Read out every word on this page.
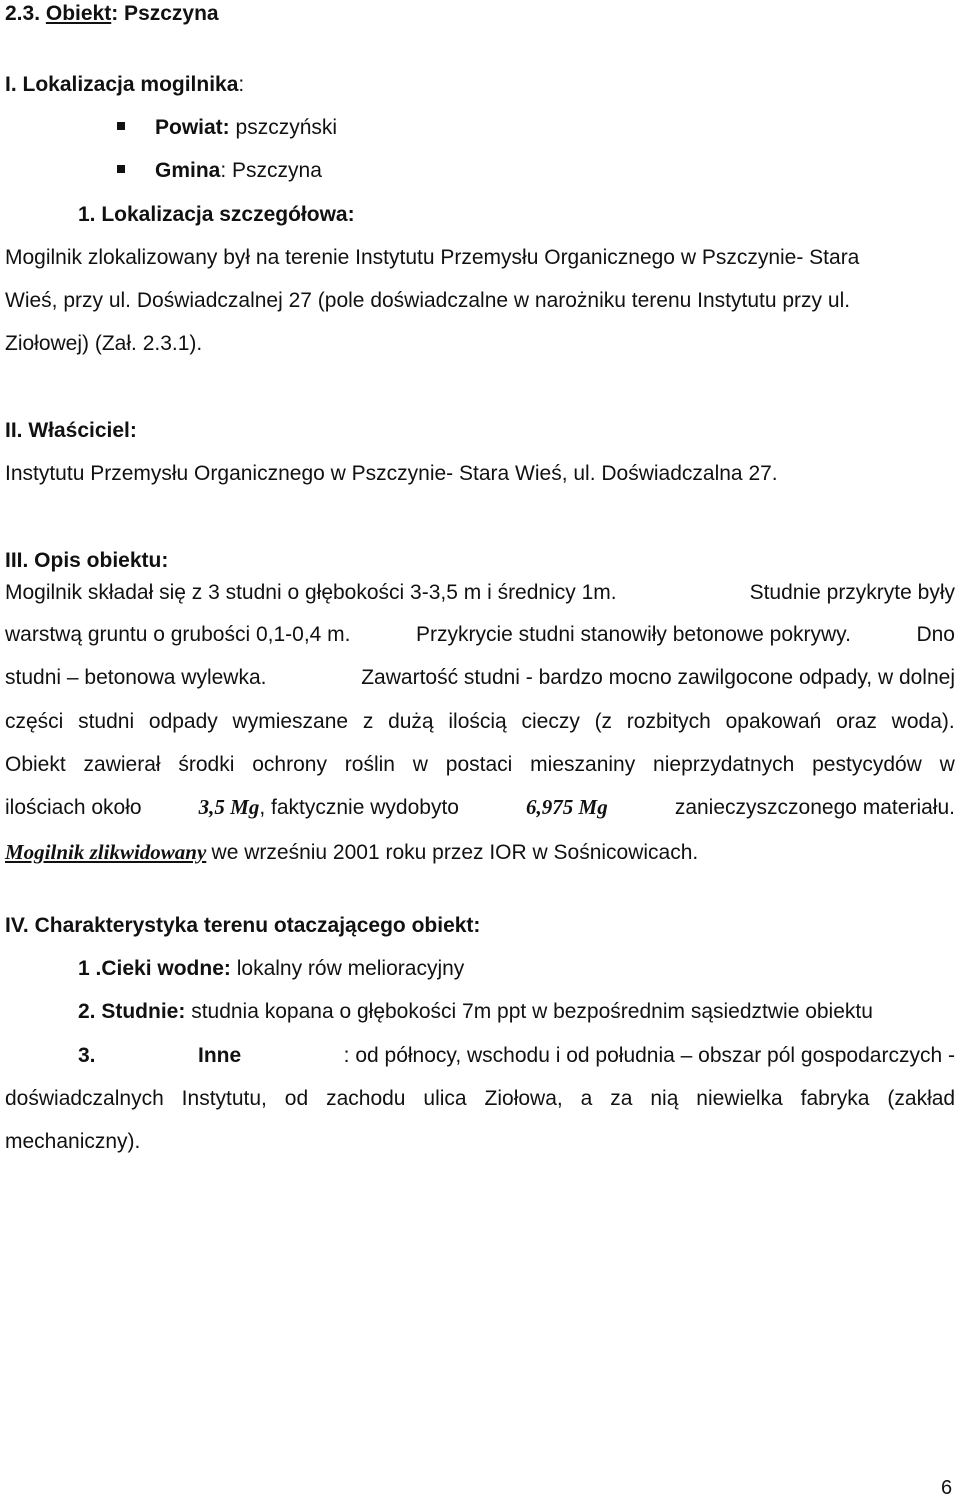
2.3. Obiekt: Pszczyna
I. Lokalizacja mogilnika:
Powiat: pszczyński
Gmina: Pszczyna
1. Lokalizacja szczegółowa:
Mogilnik zlokalizowany był na terenie Instytutu Przemysłu Organicznego w Pszczynie- Stara
Wieś, przy ul. Doświadczalnej 27 (pole doświadczalne w narożniku terenu Instytutu przy ul.
Ziołowej) (Zał. 2.3.1).
II. Właściciel:
Instytutu Przemysłu Organicznego w Pszczynie- Stara Wieś, ul. Doświadczalna 27.
III. Opis obiektu:
Mogilnik składał się z 3 studni o głębokości 3-3,5 m i średnicy 1m.	Studnie przykryte były
warstwą gruntu o grubości 0,1-0,4 m.	Przykrycie studni stanowiły betonowe pokrywy.	Dno
studni – betonowa wylewka.	Zawartość studni - bardzo mocno zawilgocone odpady, w dolnej
części studni odpady wymieszane z dużą ilością cieczy (z rozbitych opakowań oraz woda).
Obiekt zawierał środki ochrony roślin w postaci mieszaniny nieprzydatnych pestycydów w
ilościach około	3,5 Mg, faktycznie wydobyto	6,975 Mg	zanieczyszczonego materiału.
Mogilnik zlikwidowany we wrześniu 2001 roku przez IOR w Sośnicowicach.
IV. Charakterystyka terenu otaczającego obiekt:
1 .Cieki wodne: lokalny rów melioracyjny
2. Studnie: studnia kopana o głębokości 7m ppt w bezpośrednim sąsiedztwie obiektu
3.	Inne	: od północy, wschodu i od południa – obszar pól gospodarczych -
doświadczalnych Instytutu, od zachodu ulica Ziołowa, a za nią niewielka fabryka (zakład
mechaniczny).
6
